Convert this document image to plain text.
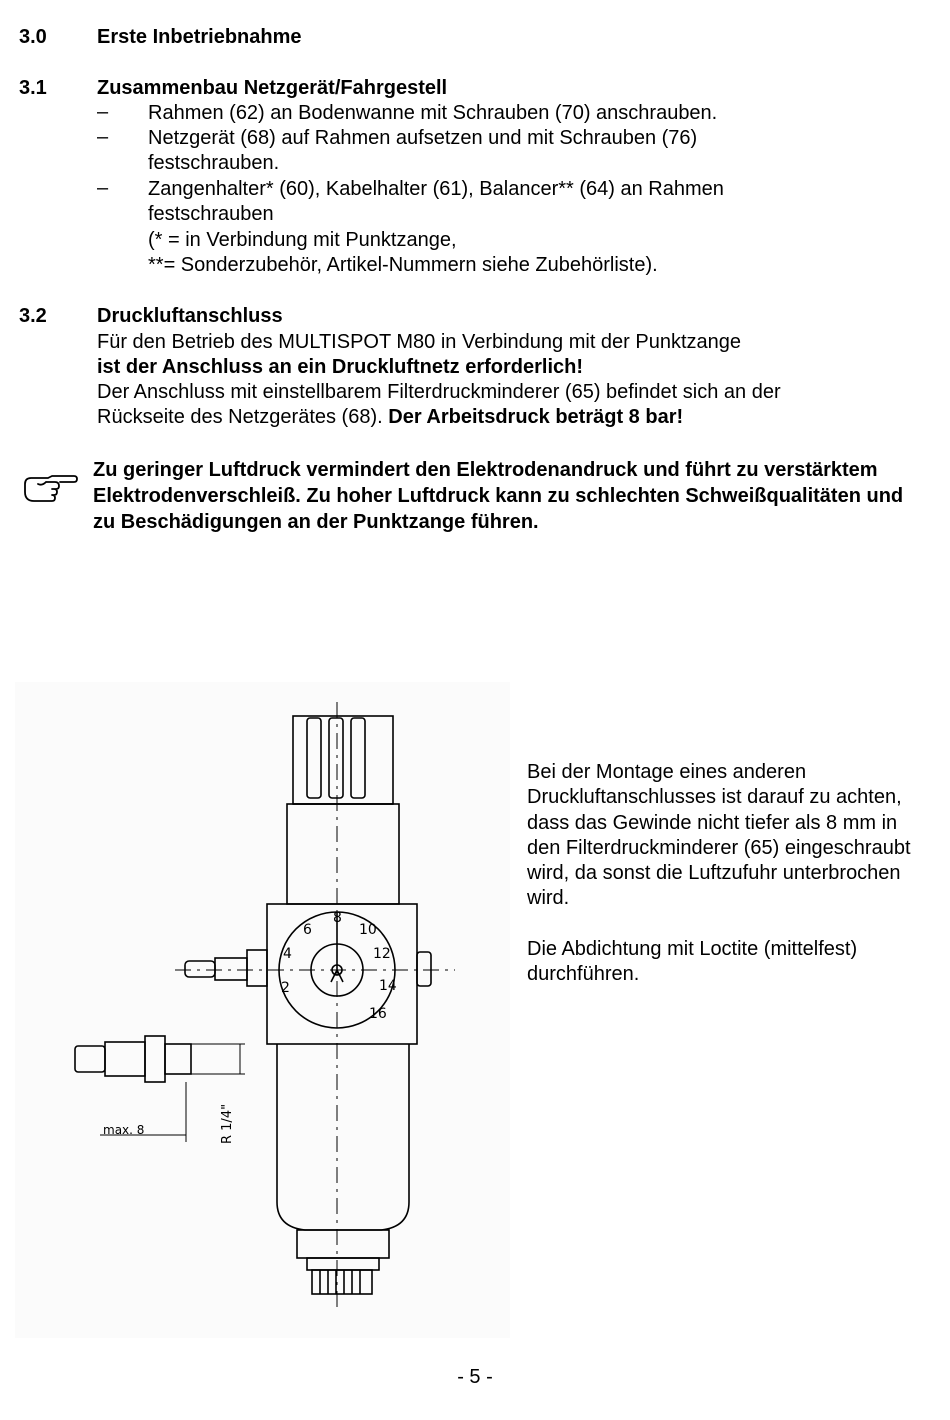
3.0	Erste Inbetriebnahme
3.1	Zusammenbau Netzgerät/Fahrgestell
– Rahmen (62) an Bodenwanne mit Schrauben (70) anschrauben.
– Netzgerät (68) auf Rahmen aufsetzen und mit Schrauben (76)
festschrauben.
– Zangenhalter* (60), Kabelhalter (61), Balancer** (64) an Rahmen
festschrauben
(* = in Verbindung mit Punktzange,
**= Sonderzubehör, Artikel-Nummern siehe Zubehörliste).
3.2	Druckluftanschluss
Für den Betrieb des MULTISPOT M80 in Verbindung mit der Punktzange
ist der Anschluss an ein Druckluftnetz erforderlich!
Der Anschluss mit einstellbarem Filterdruckminderer (65) befindet sich an der
Rückseite des Netzgerätes (68). Der Arbeitsdruck beträgt 8 bar!
Zu geringer Luftdruck vermindert den Elektrodenandruck und führt zu verstärktem Elektrodenverschleiß. Zu hoher Luftdruck kann zu schlechten Schweißqualitäten und zu Beschädigungen an der Punktzange führen.
2
4
6
8
10
12
14
16
max. 8	R 1/4"
Bei der Montage eines anderen Druckluftanschlusses ist darauf zu achten, dass das Gewinde nicht tiefer als 8 mm in den Filterdruckminderer (65) eingeschraubt wird, da sonst die Luftzufuhr unterbrochen wird.
Die Abdichtung mit Loctite (mittelfest) durchführen.
- 5 -
